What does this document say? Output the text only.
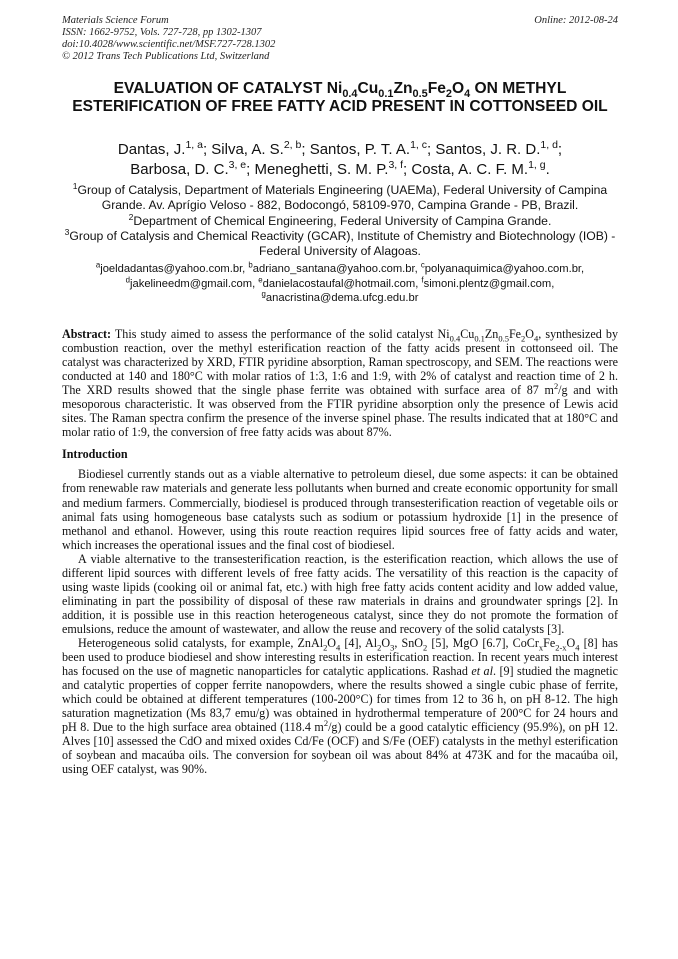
Materials Science Forum
ISSN: 1662-9752, Vols. 727-728, pp 1302-1307
doi:10.4028/www.scientific.net/MSF.727-728.1302
© 2012 Trans Tech Publications Ltd, Switzerland
Online: 2012-08-24
EVALUATION OF CATALYST $Ni_{0.4}Cu_{0.1}Zn_{0.5}Fe_2O_4$ ON METHYL ESTERIFICATION OF FREE FATTY ACID PRESENT IN COTTONSEED OIL
Dantas, J.$^{1, a}$; Silva, A. S.$^{2, b}$; Santos, P. T. A.$^{1, c}$; Santos, J. R. D.$^{1, d}$;
Barbosa, D. C.$^{3, e}$; Meneghetti, S. M. P.$^{3, f}$; Costa, A. C. F. M.$^{1, g}$.
$^1$Group of Catalysis, Department of Materials Engineering (UAEMa), Federal University of Campina Grande. Av. Aprígio Veloso - 882, Bodocongó, 58109-970, Campina Grande - PB, Brazil.
$^2$Department of Chemical Engineering, Federal University of Campina Grande.
$^3$Group of Catalysis and Chemical Reactivity (GCAR), Institute of Chemistry and Biotechnology (IOB) - Federal University of Alagoas.
$^a$joeldadantas@yahoo.com.br, $^b$adriano_santana@yahoo.com.br, $^c$polyanaquimica@yahoo.com.br,
$^d$jakelineedm@gmail.com, $^e$danielacostaufal@hotmail.com, $^f$simoni.plentz@gmail.com,
$^g$anacristina@dema.ufcg.edu.br

Abstract: This study aimed to assess the performance of the solid catalyst $Ni_{0.4}Cu_{0.1}Zn_{0.5}Fe_2O_4$, synthesized by combustion reaction, over the methyl esterification reaction of the fatty acids present in cottonseed oil. The catalyst was characterized by XRD, FTIR pyridine absorption, Raman spectroscopy, and SEM. The reactions were conducted at 140 and 180°C with molar ratios of 1:3, 1:6 and 1:9, with 2% of catalyst and reaction time of 2 h. The XRD results showed that the single phase ferrite was obtained with surface area of 87 $m^2/g$ and with mesoporous characteristic. It was observed from the FTIR pyridine absorption only the presence of Lewis acid sites. The Raman spectra confirm the presence of the inverse spinel phase. The results indicated that at 180°C and molar ratio of 1:9, the conversion of free fatty acids was about 87%.

Introduction

Biodiesel currently stands out as a viable alternative to petroleum diesel, due some aspects: it can be obtained from renewable raw materials and generate less pollutants when burned and create economic opportunity for small and medium farmers. Commercially, biodiesel is produced through transesterification reaction of vegetable oils or animal fats using homogeneous base catalysts such as sodium or potassium hydroxide [1] in the presence of methanol and ethanol. However, using this route reaction requires lipid sources free of fatty acids and water, which increases the operational issues and the final cost of biodiesel.

A viable alternative to the transesterification reaction, is the esterification reaction, which allows the use of different lipid sources with different levels of free fatty acids. The versatility of this reaction is the capacity of using waste lipids (cooking oil or animal fat, etc.) with high free fatty acids content acidity and low added value, eliminating in part the possibility of disposal of these raw materials in drains and groundwater springs [2]. In addition, it is possible use in this reaction heterogeneous catalyst, since they do not promote the formation of emulsions, reduce the amount of wastewater, and allow the reuse and recovery of the solid catalysts [3].

Heterogeneous solid catalysts, for example, $ZnAl_2O_4$ [4], $Al_2O_3$, SnO$_2$ [5], MgO [6.7], $CoCr_xFe_{2-x}O_4$ [8] has been used to produce biodiesel and show interesting results in esterification reaction. In recent years much interest has focused on the use of magnetic nanoparticles for catalytic applications. Rashad et al. [9] studied the magnetic and catalytic properties of copper ferrite nanopowders, where the results showed a single cubic phase of ferrite, which could be obtained at different temperatures (100-200°C) for times from 12 to 36 h, on pH 8-12. The high saturation magnetization (Ms 83,7 emu/g) was obtained in hydrothermal temperature of 200°C for 24 hours and pH 8. Due to the high surface area obtained (118.4 $m^2/g$) could be a good catalytic efficiency (95.9%), on pH 12. Alves [10] assessed the CdO and mixed oxides Cd/Fe (OCF) and S/Fe (OEF) catalysts in the methyl esterification of soybean and macaúba oils. The conversion for soybean oil was about 84% at 473K and for the macaúba oil, using OEF catalyst, was 90%.
